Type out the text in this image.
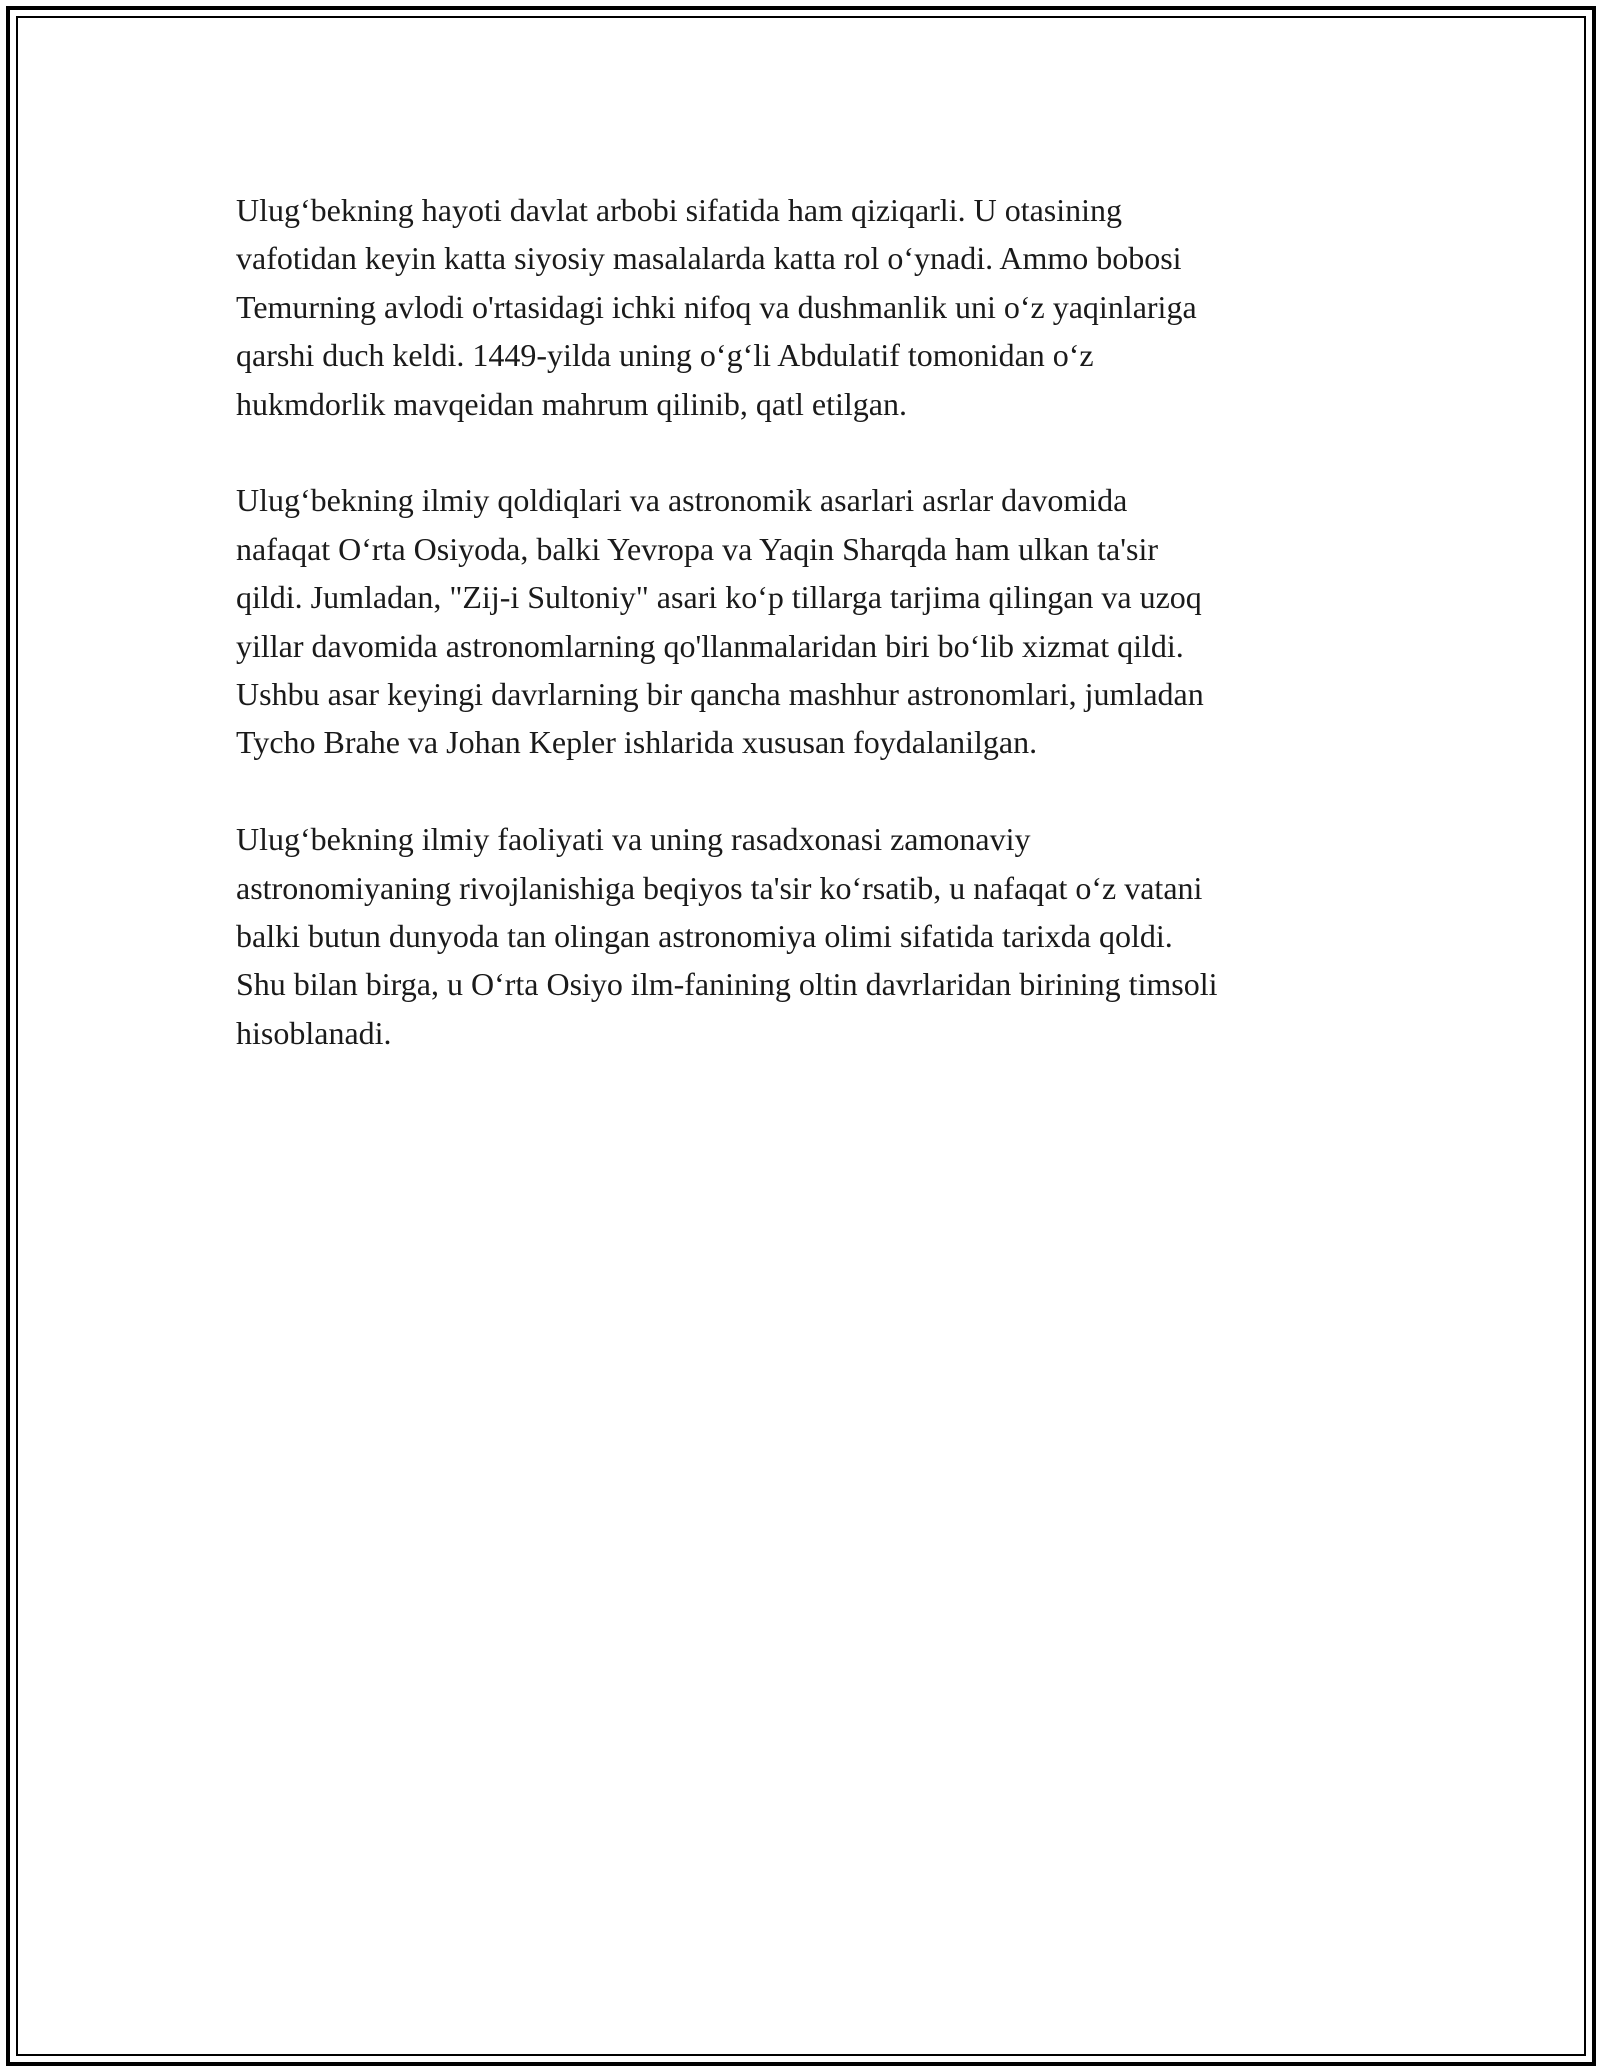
Ulug‘bekning hayoti davlat arbobi sifatida ham qiziqarli. U otasining
vafotidan keyin katta siyosiy masalalarda katta rol o‘ynadi. Ammo bobosi
Temurning avlodi o'rtasidagi ichki nifoq va dushmanlik uni o‘z yaqinlariga
qarshi duch keldi. 1449-yilda uning o‘g‘li Abdulatif tomonidan o‘z
hukmdorlik mavqeidan mahrum qilinib, qatl etilgan.

Ulug‘bekning ilmiy qoldiqlari va astronomik asarlari asrlar davomida
nafaqat O‘rta Osiyoda, balki Yevropa va Yaqin Sharqda ham ulkan ta'sir
qildi. Jumladan, "Zij-i Sultoniy" asari ko‘p tillarga tarjima qilingan va uzoq
yillar davomida astronomlarning qo'llanmalaridan biri bo‘lib xizmat qildi.
Ushbu asar keyingi davrlarning bir qancha mashhur astronomlari, jumladan
Tycho Brahe va Johan Kepler ishlarida xususan foydalanilgan.

Ulug‘bekning ilmiy faoliyati va uning rasadxonasi zamonaviy
astronomiyaning rivojlanishiga beqiyos ta'sir ko‘rsatib, u nafaqat o‘z vatani
balki butun dunyoda tan olingan astronomiya olimi sifatida tarixda qoldi.
Shu bilan birga, u O‘rta Osiyo ilm-fanining oltin davrlaridan birining timsoli
hisoblanadi.
